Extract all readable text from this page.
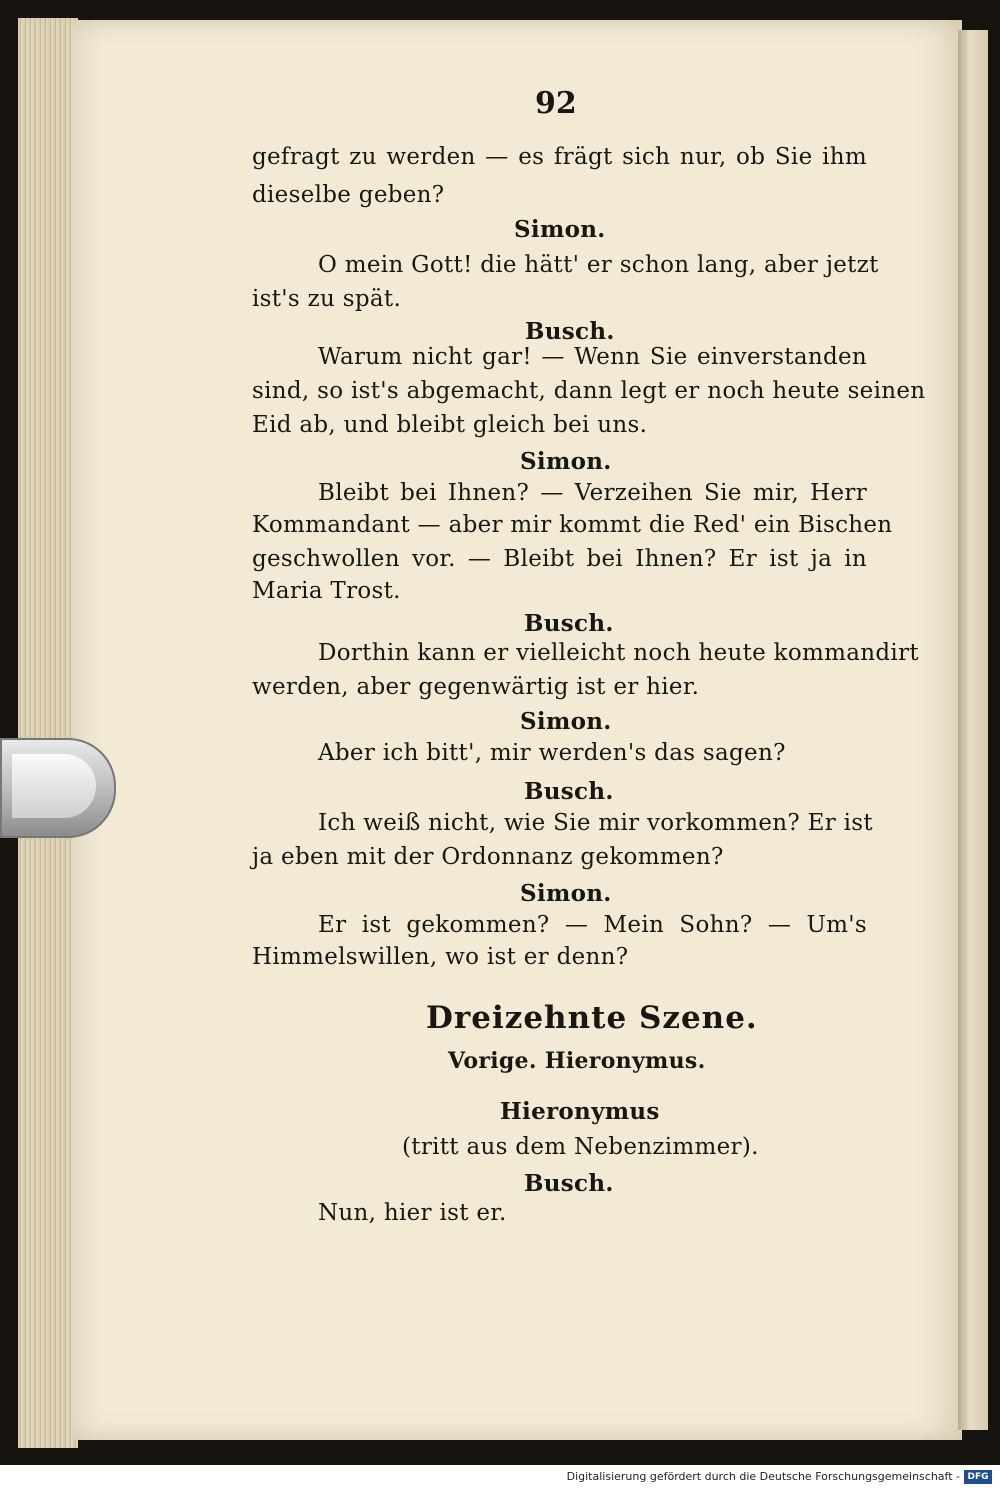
92
gefragt zu werden — es frägt sich nur, ob Sie ihm
dieselbe geben?
Simon.
O mein Gott! die hätt' er schon lang, aber jetzt
ist's zu spät.
Busch.
Warum nicht gar! — Wenn Sie einverstanden
sind, so ist's abgemacht, dann legt er noch heute seinen
Eid ab, und bleibt gleich bei uns.
Simon.
Bleibt bei Ihnen? — Verzeihen Sie mir, Herr
Kommandant — aber mir kommt die Red' ein Bischen
geschwollen vor. — Bleibt bei Ihnen? Er ist ja in
Maria Trost.
Busch.
Dorthin kann er vielleicht noch heute kommandirt
werden, aber gegenwärtig ist er hier.
Simon.
Aber ich bitt', mir werden's das sagen?
Busch.
Ich weiß nicht, wie Sie mir vorkommen? Er ist
ja eben mit der Ordonnanz gekommen?
Simon.
Er ist gekommen? — Mein Sohn? — Um's
Himmelswillen, wo ist er denn?
Dreizehnte Szene.
Vorige. Hieronymus.
Hieronymus
(tritt aus dem Nebenzimmer).
Busch.
Nun, hier ist er.
Digitalisierung gefördert durch die Deutsche Forschungsgemeinschaft - DFG
